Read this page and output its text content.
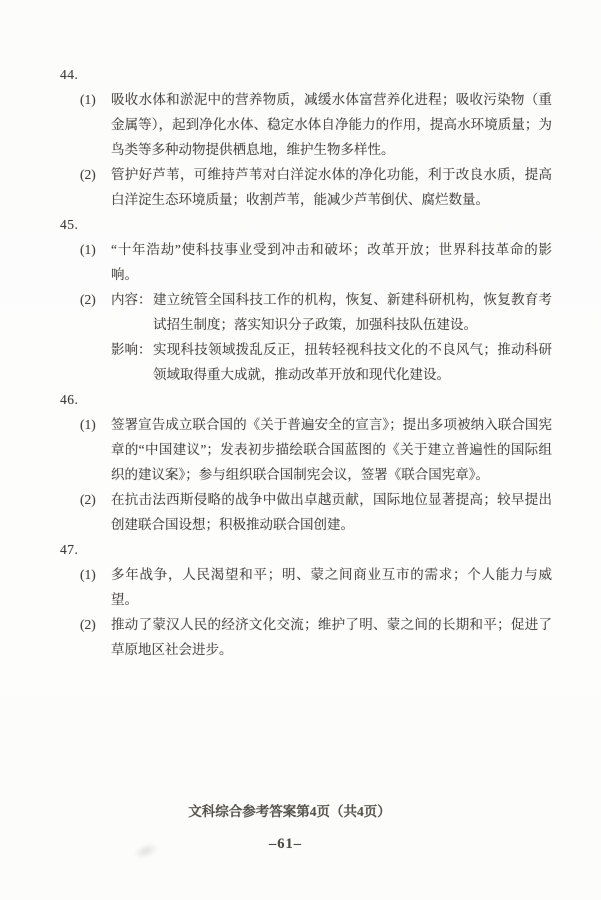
44.
(1)	吸收水体和淤泥中的营养物质，减缓水体富营养化进程；吸收污染物（重金属等），起到净化水体、稳定水体自净能力的作用，提高水环境质量；为鸟类等多种动物提供栖息地，维护生物多样性。

(2)	管护好芦苇，可维持芦苇对白洋淀水体的净化功能，利于改良水质，提高白洋淀生态环境质量；收割芦苇，能减少芦苇倒伏、腐烂数量。

45.
(1)	“十年浩劫”使科技事业受到冲击和破坏；改革开放；世界科技革命的影响。

(2)	内容： 建立统管全国科技工作的机构，恢复、新建科研机构，恢复教育考试招生制度；落实知识分子政策，加强科技队伍建设。

影响： 实现科技领域拨乱反正，扭转轻视科技文化的不良风气；推动科研领域取得重大成就，推动改革开放和现代化建设。

46.
(1)	签署宣告成立联合国的《关于普遍安全的宣言》；提出多项被纳入联合国宪章的“中国建议”；发表初步描绘联合国蓝图的《关于建立普遍性的国际组织的建议案》；参与组织联合国制宪会议，签署《联合国宪章》。

(2)	在抗击法西斯侵略的战争中做出卓越贡献，国际地位显著提高；较早提出创建联合国设想；积极推动联合国创建。

47.
(1)	多年战争，人民渴望和平；明、蒙之间商业互市的需求；个人能力与威望。

(2)	推动了蒙汉人民的经济文化交流；维护了明、蒙之间的长期和平；促进了草原地区社会进步。

文科综合参考答案第4页（共4页）
–61–
